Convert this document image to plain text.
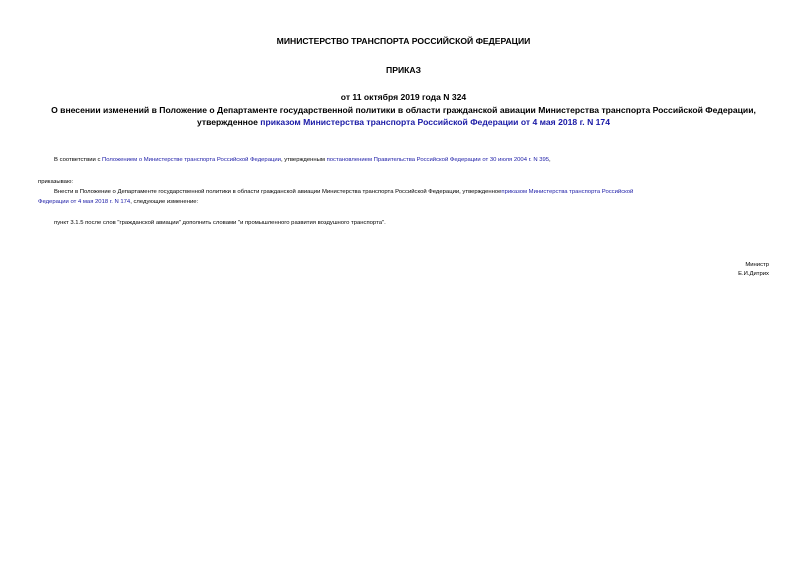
МИНИСТЕРСТВО ТРАНСПОРТА РОССИЙСКОЙ ФЕДЕРАЦИИ
ПРИКАЗ
от 11 октября 2019 года N 324
О внесении изменений в Положение о Департаменте государственной политики в области гражданской авиации Министерства транспорта Российской Федерации,
утвержденное приказом Министерства транспорта Российской Федерации от 4 мая 2018 г. N 174
В соответствии с Положением о Министерстве транспорта Российской Федерации, утвержденным постановлением Правительства Российской Федерации от 30 июля 2004 г. N 395,
приказываю:
Внести в Положение о Департаменте государственной политики в области гражданской авиации Министерства транспорта Российской Федерации, утвержденноеприказом Министерства транспорта Российской
Федерации от 4 мая 2018 г. N 174, следующие изменение:
пункт 3.1.5 после слов "гражданской авиации" дополнить словами "и промышленного развития воздушного транспорта".
Министр
Е.И.Дитрих
